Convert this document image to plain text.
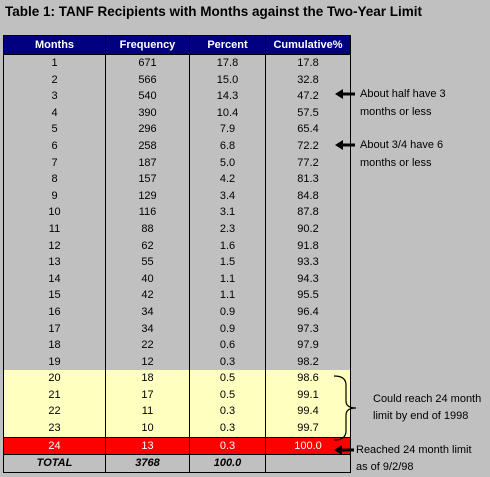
Table 1: TANF Recipients with Months against the Two-Year Limit
Months	Frequency	Percent	Cumulative%
1	671	17.8	17.8
2	566	15.0	32.8
3	540	14.3	47.2
4	390	10.4	57.5
5	296	7.9	65.4
6	258	6.8	72.2
7	187	5.0	77.2
8	157	4.2	81.3
9	129	3.4	84.8
10	116	3.1	87.8
11	88	2.3	90.2
12	62	1.6	91.8
13	55	1.5	93.3
14	40	1.1	94.3
15	42	1.1	95.5
16	34	0.9	96.4
17	34	0.9	97.3
18	22	0.6	97.9
19	12	0.3	98.2
20	18	0.5	98.6
21	17	0.5	99.1
22	11	0.3	99.4
23	10	0.3	99.7
24	13	0.3	100.0
TOTAL	3768	100.0	
About half have 3
months or less
About 3/4 have 6
months or less
Could reach 24 month
limit by end of 1998
Reached 24 month limit
as of 9/2/98
